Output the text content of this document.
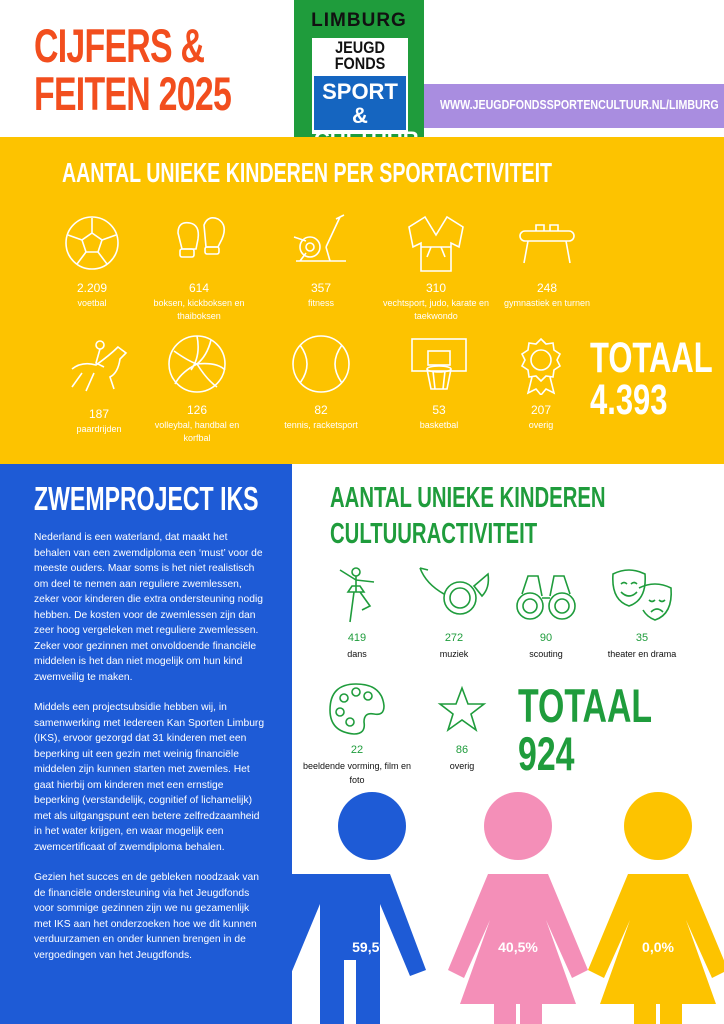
CIJFERS &
FEITEN 2025
LIMBURG
JEUGD
FONDS
SPORT &	WWW.JEUGDFONDSSPORTENCULTUUR.NL/LIMBURG
AANTAL UNIEKE KINDEREN PER SPORTACTIVITEIT
2.209
voetbal
614
boksen, kickboksen en thaiboksen
357
fitness
310
vechtsport, judo, karate en taekwondo
248
gymnastiek en turnen
187
paardrijden
126
volleybal, handbal en korfbal
82
tennis, racketsport
53
basketbal
207
overig
TOTAAL
4.393
ZWEMPROJECT IKS

Nederland is een waterland, dat maakt het behalen van een zwemdiploma een ‘must’ voor de meeste ouders. Maar soms is het niet realistisch om deel te nemen aan reguliere zwemlessen, zeker voor kinderen die extra ondersteuning nodig hebben. De kosten voor de zwemlessen zijn dan zeer hoog vergeleken met reguliere zwemlessen. Zeker voor gezinnen met onvoldoende financiële middelen is het dan niet mogelijk om hun kind zwemveilig te maken.

Middels een projectsubsidie hebben wij, in samenwerking met Iedereen Kan Sporten Limburg (IKS), ervoor gezorgd dat 31 kinderen met een beperking uit een gezin met weinig financiële middelen zijn kunnen starten met zwemles. Het gaat hierbij om kinderen met een ernstige beperking (verstandelijk, cognitief of lichamelijk) met als uitgangspunt een betere zelfredzaamheid in het water krijgen, en waar mogelijk een zwemcertificaat of zwemdiploma behalen.

Gezien het succes en de gebleken noodzaak van de financiële ondersteuning via het Jeugdfonds voor sommige gezinnen zijn we nu gezamenlijk met IKS aan het onderzoeken hoe we dit kunnen verduurzamen en onder kunnen brengen in de vergoedingen van het Jeugdfonds.

AANTAL UNIEKE KINDEREN
CULTUURACTIVITEIT
419
dans
272
muziek
90
scouting
35
theater en drama
22
beeldende vorming, film en foto
86
overig
TOTAAL
924
59,5%	40,5%	0,0%
